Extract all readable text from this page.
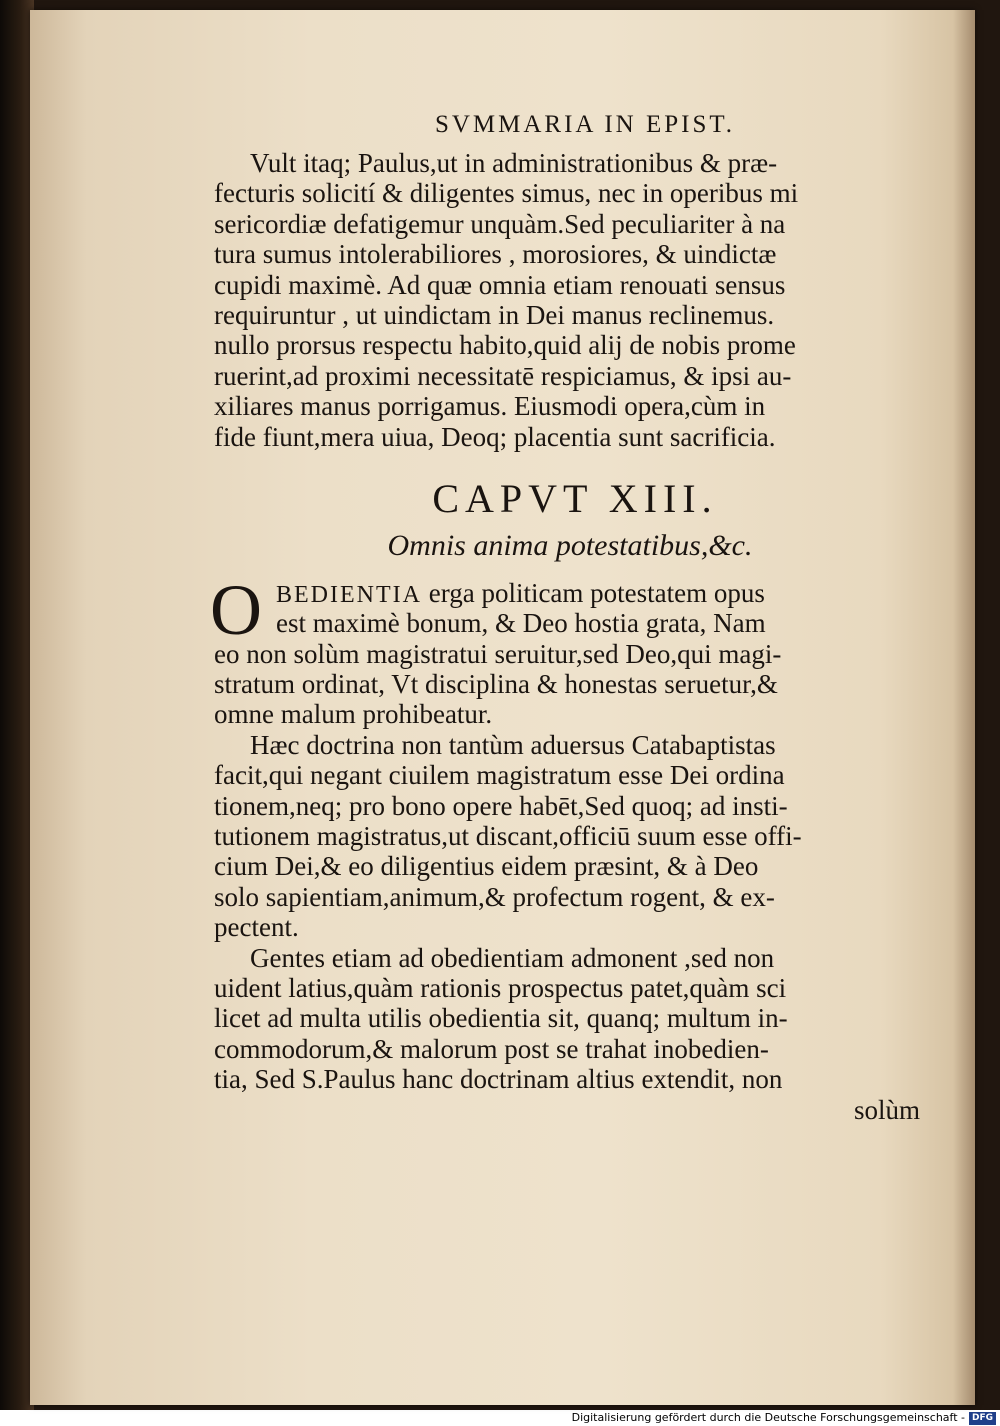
SVMMARIA IN EPIST.
Vult itaq; Paulus,ut in administrationibus & præ-
fecturis solicití & diligentes simus, nec in operibus mi
sericordiæ defatigemur unquàm.Sed peculiariter à na
tura sumus intolerabiliores , morosiores, & uindictæ
cupidi maximè. Ad quæ omnia etiam renouati sensus
requiruntur , ut uindictam in Dei manus reclinemus.
nullo prorsus respectu habito,quid alij de nobis prome
ruerint,ad proximi necessitatē respiciamus, & ipsi au-
xiliares manus porrigamus. Eiusmodi opera,cùm in
fide fiunt,mera uiua, Deoq; placentia sunt sacrificia.
CAPVT XIII.
Omnis anima potestatibus,&c.
O BEDIENTIA erga politicam potestatem opus
est maximè bonum, & Deo hostia grata, Nam
eo non solùm magistratui seruitur,sed Deo,qui magi-
stratum ordinat, Vt disciplina & honestas seruetur,&
omne malum prohibeatur.
Hæc doctrina non tantùm aduersus Catabaptistas
facit,qui negant ciuilem magistratum esse Dei ordina
tionem,neq; pro bono opere habēt,Sed quoq; ad insti-
tutionem magistratus,ut discant,officiū suum esse offi-
cium Dei,& eo diligentius eidem præsint, & à Deo
solo sapientiam,animum,& profectum rogent, & ex-
pectent.
Gentes etiam ad obedientiam admonent ,sed non
uident latius,quàm rationis prospectus patet,quàm sci
licet ad multa utilis obedientia sit, quanq; multum in-
commodorum,& malorum post se trahat inobedien-
tia, Sed S.Paulus hanc doctrinam altius extendit, non
solùm
Digitalisierung gefördert durch die Deutsche Forschungsgemeinschaft - DFG
